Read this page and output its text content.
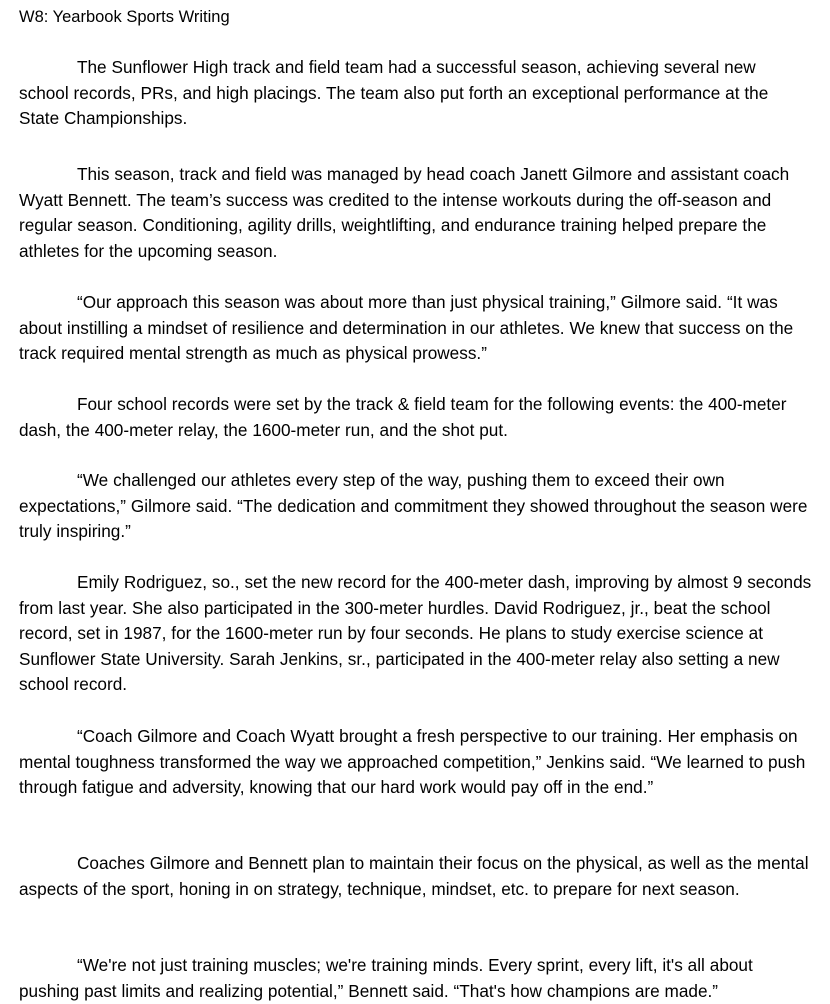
W8: Yearbook Sports Writing

The Sunflower High track and field team had a successful season, achieving several new school records, PRs, and high placings. The team also put forth an exceptional performance at the State Championships.

This season, track and field was managed by head coach Janett Gilmore and assistant coach Wyatt Bennett. The team’s success was credited to the intense workouts during the off-season and regular season. Conditioning, agility drills, weightlifting, and endurance training helped prepare the athletes for the upcoming season.

“Our approach this season was about more than just physical training,” Gilmore said. “It was about instilling a mindset of resilience and determination in our athletes. We knew that success on the track required mental strength as much as physical prowess.”

Four school records were set by the track & field team for the following events: the 400-meter dash, the 400-meter relay, the 1600-meter run, and the shot put.

“We challenged our athletes every step of the way, pushing them to exceed their own expectations,” Gilmore said. “The dedication and commitment they showed throughout the season were truly inspiring.”

Emily Rodriguez, so., set the new record for the 400-meter dash, improving by almost 9 seconds from last year. She also participated in the 300-meter hurdles. David Rodriguez, jr., beat the school record, set in 1987, for the 1600-meter run by four seconds. He plans to study exercise science at Sunflower State University. Sarah Jenkins, sr., participated in the 400-meter relay also setting a new school record.

“Coach Gilmore and Coach Wyatt brought a fresh perspective to our training. Her emphasis on mental toughness transformed the way we approached competition,” Jenkins said. “We learned to push through fatigue and adversity, knowing that our hard work would pay off in the end.”

Coaches Gilmore and Bennett plan to maintain their focus on the physical, as well as the mental aspects of the sport, honing in on strategy, technique, mindset, etc. to prepare for next season.

“We're not just training muscles; we're training minds. Every sprint, every lift, it's all about pushing past limits and realizing potential,” Bennett said. “That's how champions are made.”
